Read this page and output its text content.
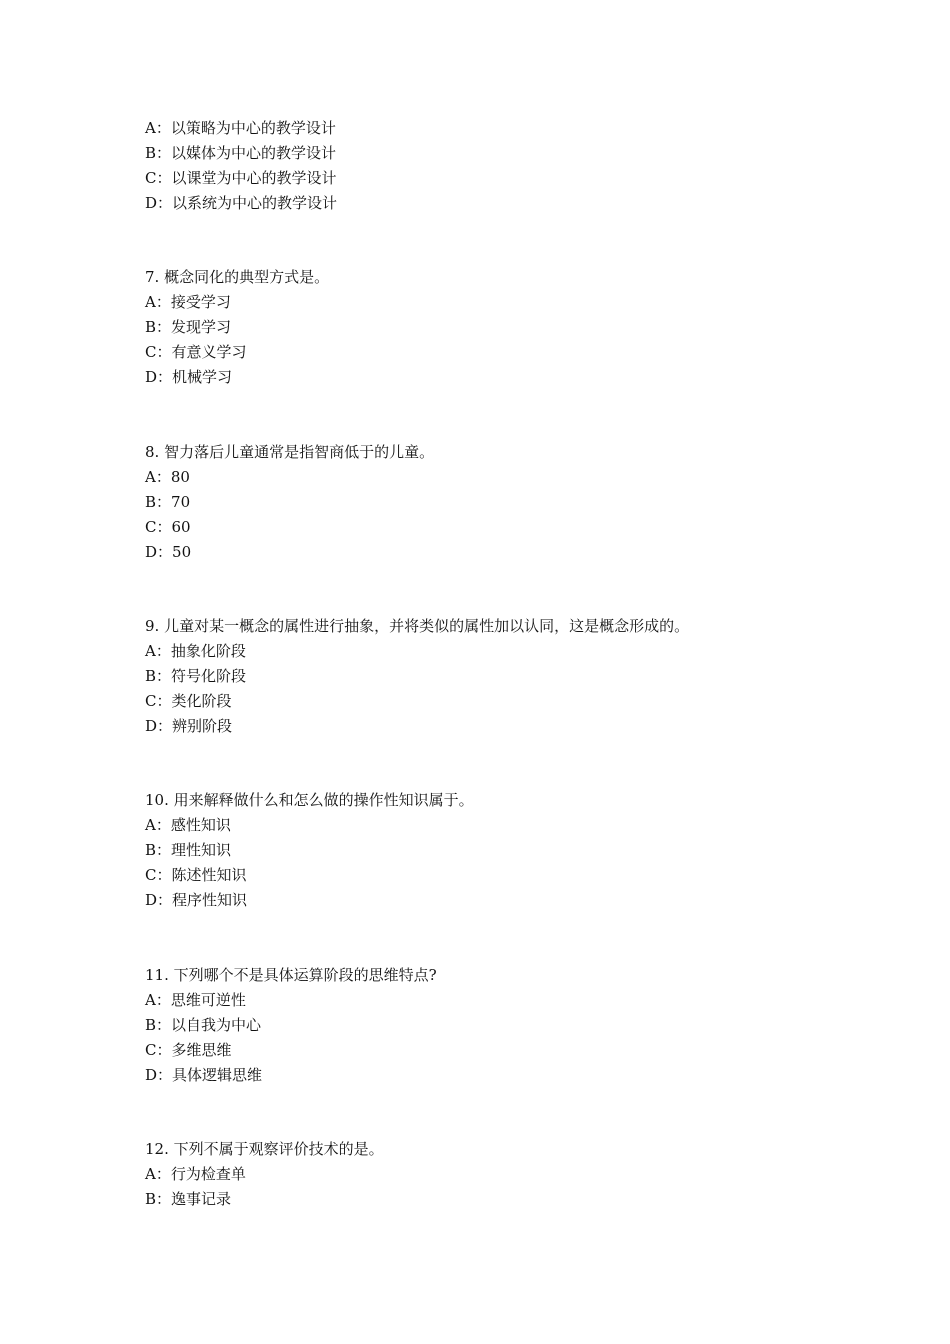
A：以策略为中心的教学设计
B：以媒体为中心的教学设计
C：以课堂为中心的教学设计
D：以系统为中心的教学设计
7. 概念同化的典型方式是。
A：接受学习
B：发现学习
C：有意义学习
D：机械学习
8. 智力落后儿童通常是指智商低于的儿童。
A：80
B：70
C：60
D：50
9. 儿童对某一概念的属性进行抽象，并将类似的属性加以认同，这是概念形成的。
A：抽象化阶段
B：符号化阶段
C：类化阶段
D：辨别阶段
10. 用来解释做什么和怎么做的操作性知识属于。
A：感性知识
B：理性知识
C：陈述性知识
D：程序性知识
11. 下列哪个不是具体运算阶段的思维特点?
A：思维可逆性
B：以自我为中心
C：多维思维
D：具体逻辑思维
12. 下列不属于观察评价技术的是。
A：行为检查单
B：逸事记录
